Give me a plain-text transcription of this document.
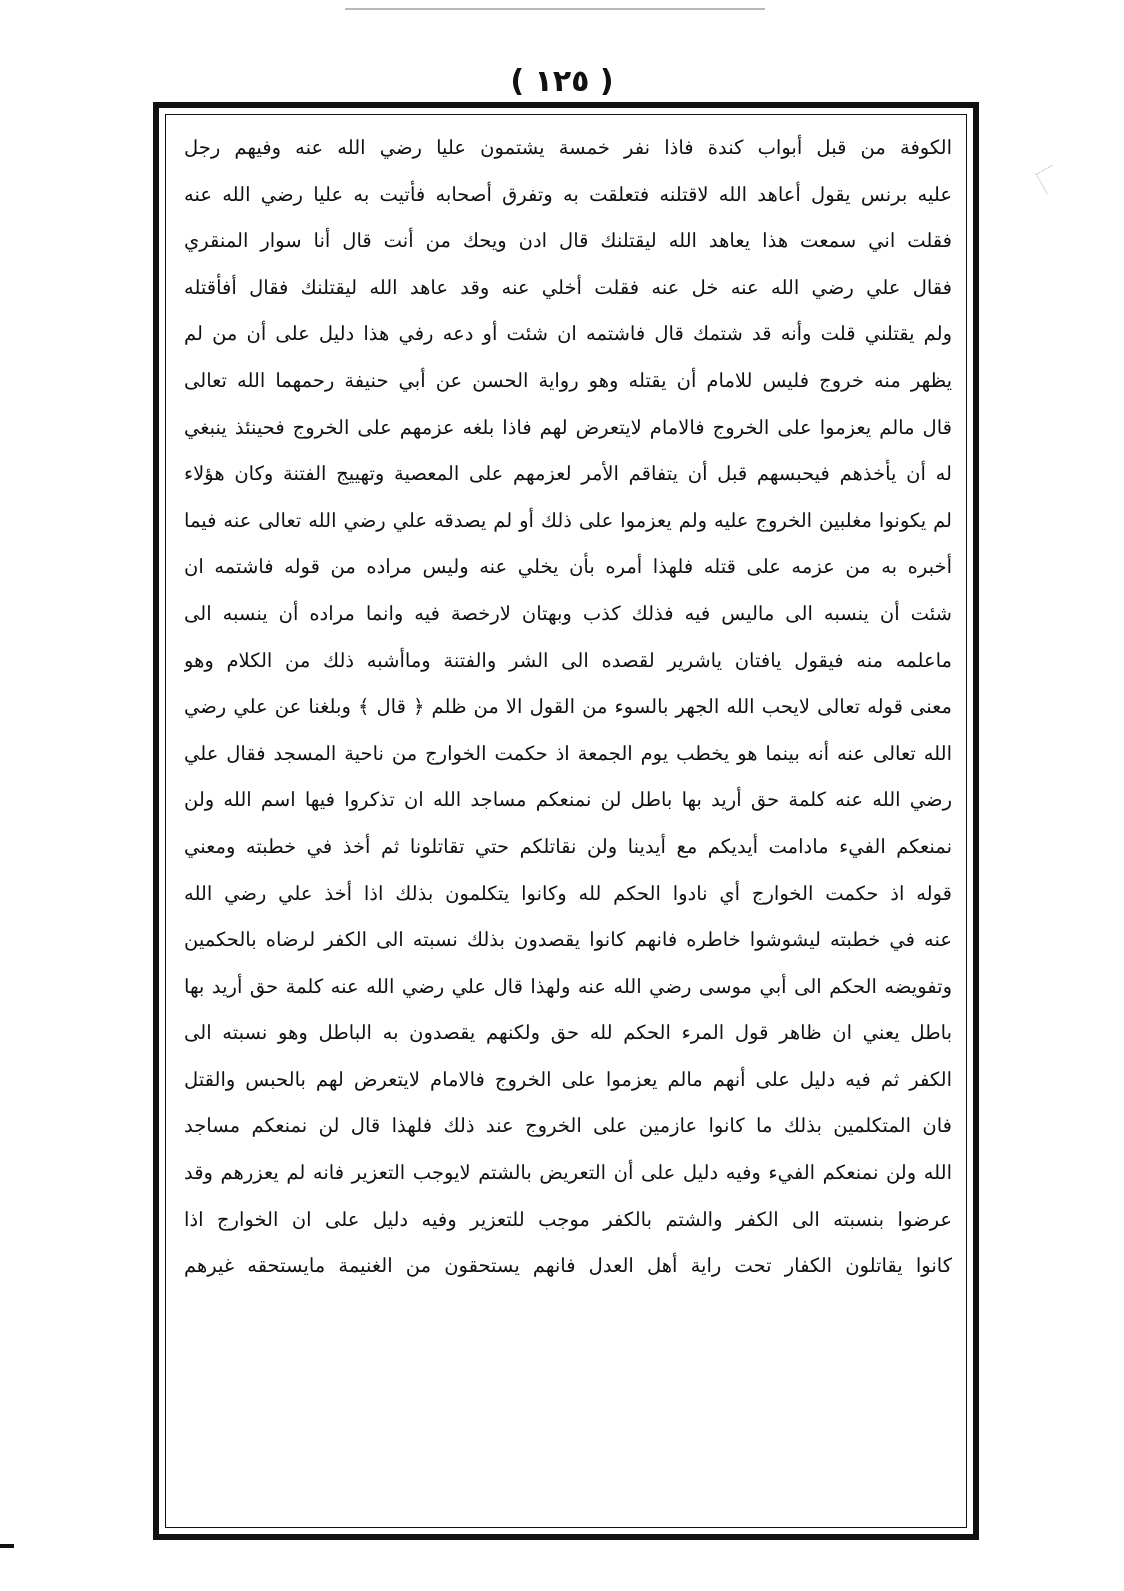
( ١٢٥ )
الكوفة من قبل أبواب كندة فاذا نفر خمسة يشتمون عليا رضي الله عنه وفيهم رجل
عليه برنس يقول أعاهد الله لاقتلنه فتعلقت به وتفرق أصحابه فأتيت به عليا رضي الله عنه
فقلت اني سمعت هذا يعاهد الله ليقتلنك قال ادن ويحك من أنت قال أنا سوار المنقري
فقال علي رضي الله عنه خل عنه فقلت أخلي عنه وقد عاهد الله ليقتلنك فقال أفأقتله
ولم يقتلني قلت وأنه قد شتمك قال فاشتمه ان شئت أو دعه رفي هذا دليل على أن من لم
يظهر منه خروج فليس للامام أن يقتله وهو رواية الحسن عن أبي حنيفة رحمهما الله تعالى
قال مالم يعزموا على الخروج فالامام لايتعرض لهم فاذا بلغه عزمهم على الخروج فحينئذ ينبغي
له أن يأخذهم فيحبسهم قبل أن يتفاقم الأمر لعزمهم على المعصية وتهييج الفتنة وكان هؤلاء
لم يكونوا مغلبين الخروج عليه ولم يعزموا على ذلك أو لم يصدقه علي رضي الله تعالى عنه فيما
أخبره به من عزمه على قتله فلهذا أمره بأن يخلي عنه وليس مراده من قوله فاشتمه ان
شئت أن ينسبه الى ماليس فيه فذلك كذب وبهتان لارخصة فيه وانما مراده أن ينسبه الى
ماعلمه منه فيقول يافتان ياشرير لقصده الى الشر والفتنة وماأشبه ذلك من الكلام وهو
معنى قوله تعالى لايحب الله الجهر بالسوء من القول الا من ظلم ﴿ قال ﴾ وبلغنا عن علي رضي
الله تعالى عنه أنه بينما هو يخطب يوم الجمعة اذ حكمت الخوارج من ناحية المسجد فقال علي
رضي الله عنه كلمة حق أريد بها باطل لن نمنعكم مساجد الله ان تذكروا فيها اسم الله ولن
نمنعكم الفيء مادامت أيديكم مع أيدينا ولن نقاتلكم حتي تقاتلونا ثم أخذ في خطبته ومعني
قوله اذ حكمت الخوارج أي نادوا الحكم لله وكانوا يتكلمون بذلك اذا أخذ علي رضي الله
عنه في خطبته ليشوشوا خاطره فانهم كانوا يقصدون بذلك نسبته الى الكفر لرضاه بالحكمين
وتفويضه الحكم الى أبي موسى رضي الله عنه ولهذا قال علي رضي الله عنه كلمة حق أريد بها
باطل يعني ان ظاهر قول المرء الحكم لله حق ولكنهم يقصدون به الباطل وهو نسبته الى
الكفر ثم فيه دليل على أنهم مالم يعزموا على الخروج فالامام لايتعرض لهم بالحبس والقتل
فان المتكلمين بذلك ما كانوا عازمين على الخروج عند ذلك فلهذا قال لن نمنعكم مساجد
الله ولن نمنعكم الفيء وفيه دليل على أن التعريض بالشتم لايوجب التعزير فانه لم يعزرهم وقد
عرضوا بنسبته الى الكفر والشتم بالكفر موجب للتعزير وفيه دليل على ان الخوارج اذا
كانوا يقاتلون الكفار تحت راية أهل العدل فانهم يستحقون من الغنيمة مايستحقه غيرهم
